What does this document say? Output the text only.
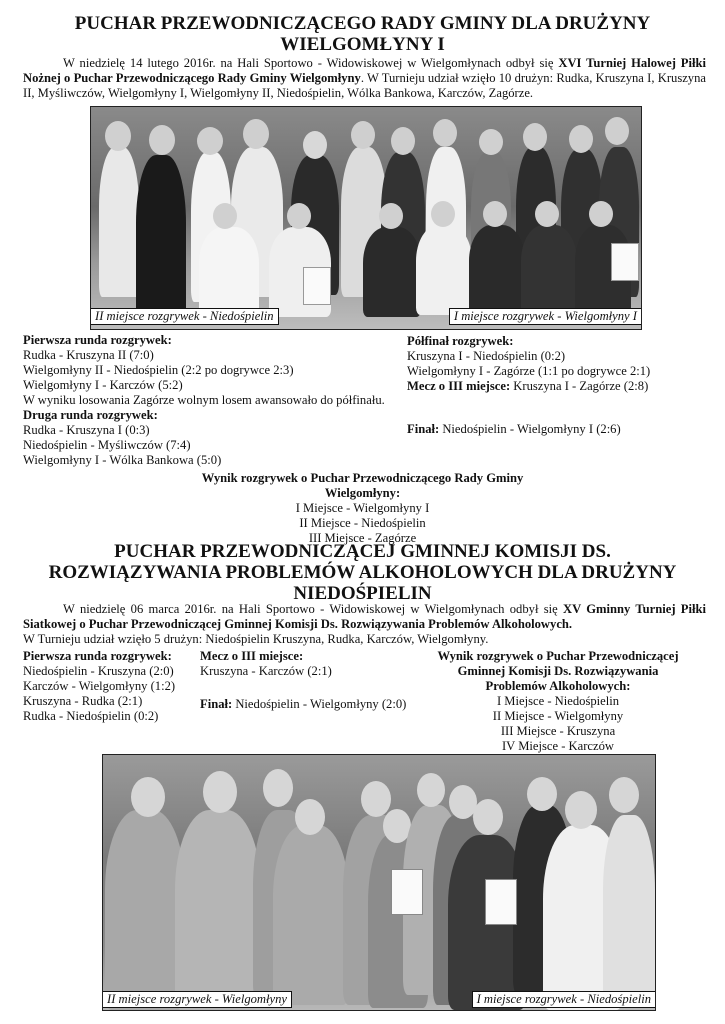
PUCHAR PRZEWODNICZĄCEGO RADY GMINY DLA DRUŻYNY
WIELGOMŁYNY I
W niedzielę 14 lutego 2016r. na Hali Sportowo - Widowiskowej w Wielgomłynach odbył się XVI Turniej Halowej Piłki Nożnej o Puchar Przewodniczącego Rady Gminy Wielgomłyny. W Turnieju udział wzięło 10 drużyn: Rudka, Kruszyna I, Kruszyna II, Myśliwczów, Wielgomłyny I, Wielgomłyny II, Niedośpielin, Wólka Bankowa, Karczów, Zagórze.
II miejsce rozgrywek - Niedośpielin	I miejsce rozgrywek - Wielgomłyny I
Pierwsza runda rozgrywek:
Rudka - Kruszyna II (7:0)
Wielgomłyny II - Niedośpielin (2:2 po dogrywce 2:3)
Wielgomłyny I - Karczów (5:2)
W wyniku losowania Zagórze wolnym losem awansowało do półfinału.
Druga runda rozgrywek:
Rudka - Kruszyna I (0:3)
Niedośpielin - Myśliwczów (7:4)
Wielgomłyny I - Wólka Bankowa (5:0)
Półfinał rozgrywek:
Kruszyna I - Niedośpielin (0:2)
Wielgomłyny I - Zagórze (1:1 po dogrywce 2:1)
Mecz o III miejsce: Kruszyna I - Zagórze (2:8)
Finał: Niedośpielin - Wielgomłyny I (2:6)
Wynik rozgrywek o Puchar Przewodniczącego Rady Gminy
Wielgomłyny:
I Miejsce - Wielgomłyny I
II Miejsce - Niedośpielin
III Miejsce - Zagórze
PUCHAR PRZEWODNICZĄCEJ GMINNEJ KOMISJI DS.
ROZWIĄZYWANIA PROBLEMÓW ALKOHOLOWYCH DLA DRUŻYNY
NIEDOŚPIELIN
W niedzielę 06 marca 2016r. na Hali Sportowo - Widowiskowej w Wielgomłynach odbył się XV Gminny Turniej Piłki Siatkowej o Puchar Przewodniczącej Gminnej Komisji Ds. Rozwiązywania Problemów Alkoholowych.
W Turnieju udział wzięło 5 drużyn: Niedośpielin Kruszyna, Rudka, Karczów, Wielgomłyny.
Pierwsza runda rozgrywek:
Niedośpielin - Kruszyna (2:0)
Karczów - Wielgomłyny (1:2)
Kruszyna - Rudka (2:1)
Rudka - Niedośpielin (0:2)
Mecz o III miejsce:
Kruszyna - Karczów (2:1)
Finał: Niedośpielin - Wielgomłyny (2:0)
Wynik rozgrywek o Puchar Przewodniczącej
Gminnej Komisji Ds. Rozwiązywania
Problemów Alkoholowych:
I Miejsce - Niedośpielin
II Miejsce - Wielgomłyny
III Miejsce - Kruszyna
IV Miejsce - Karczów
II miejsce rozgrywek - Wielgomłyny	I miejsce rozgrywek - Niedośpielin
